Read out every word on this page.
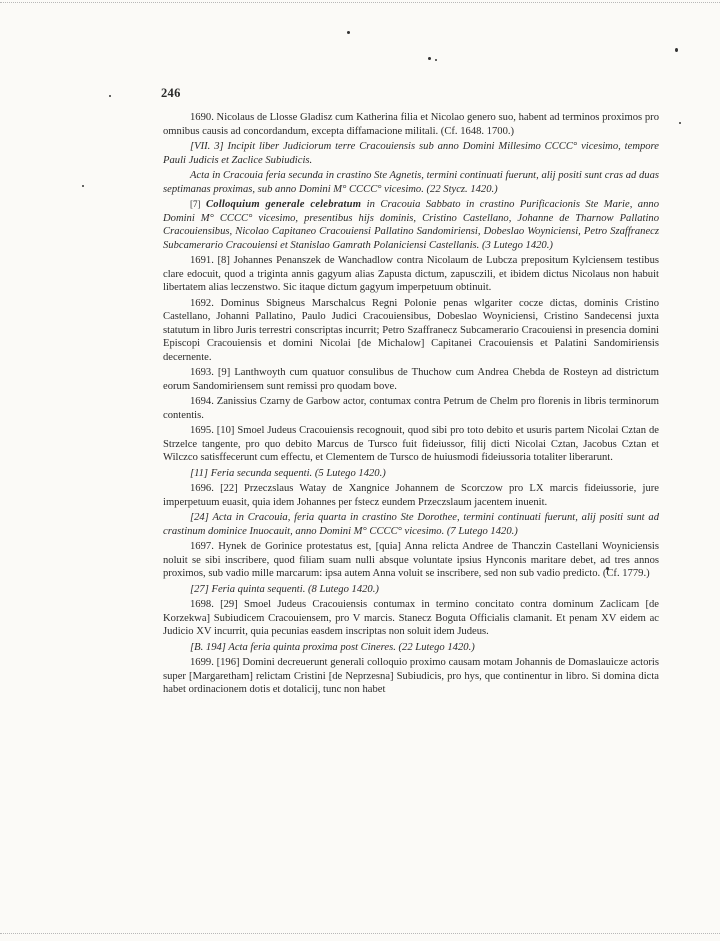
246

1690. Nicolaus de Llosse Gladisz cum Katherina filia et Nicolao genero suo, habent ad terminos proximos pro omnibus causis ad concordandum, excepta diffamacione militali. (Cf. 1648. 1700.)

[VII. 3] Incipit liber Judiciorum terre Cracouiensis sub anno Domini Millesimo CCCC° vicesimo, tempore Pauli Judicis et Zaclice Subiudicis.

Acta in Cracouia feria secunda in crastino Ste Agnetis, termini continuati fuerunt, alij positi sunt cras ad duas septimanas proximas, sub anno Domini M° CCCC° vicesimo. (22 Stycz. 1420.)

[7] Colloquium generale celebratum in Cracouia Sabbato in crastino Purificacionis Ste Marie, anno Domini M° CCCC° vicesimo, presentibus hijs dominis, Cristino Castellano, Johanne de Tharnow Pallatino Cracouiensibus, Nicolao Capitaneo Cracouiensi Pallatino Sandomiriensi, Dobeslao Woyniciensi, Petro Szaffranecz Subcamerario Cracouiensi et Stanislao Gamrath Polaniciensi Castellanis. (3 Lutego 1420.)

1691. [8] Johannes Penanszek de Wanchadlow contra Nicolaum de Lubcza prepositum Kylciensem testibus clare edocuit, quod a triginta annis gagyum alias Zapusta dictum, zapusczili, et ibidem dictus Nicolaus non habuit libertatem alias leczenstwo. Sic itaque dictum gagyum imperpetuum obtinuit.

1692. Dominus Sbigneus Marschalcus Regni Polonie penas wlgariter cocze dictas, dominis Cristino Castellano, Johanni Pallatino, Paulo Judici Cracouiensibus, Dobeslao Woyniciensi, Cristino Sandecensi juxta statutum in libro Juris terrestri conscriptas incurrit; Petro Szaffranecz Subcamerario Cracouiensi in presencia domini Episcopi Cracouiensis et domini Nicolai [de Michalow] Capitanei Cracouiensis et Palatini Sandomiriensis decernente.

1693. [9] Lanthwoyth cum quatuor consulibus de Thuchow cum Andrea Chebda de Rosteyn ad districtum eorum Sandomiriensem sunt remissi pro quodam bove.

1694. Zanissius Czarny de Garbow actor, contumax contra Petrum de Chelm pro florenis in libris terminorum contentis.

1695. [10] Smoel Judeus Cracouiensis recognouit, quod sibi pro toto debito et usuris partem Nicolai Cztan de Strzelce tangente, pro quo debito Marcus de Tursco fuit fideiussor, filij dicti Nicolai Cztan, Jacobus Cztan et Wilczco satisffecerunt cum effectu, et Clementem de Tursco de huiusmodi fideiussoria totaliter liberarunt.

[11] Feria secunda sequenti. (5 Lutego 1420.)

1696. [22] Przeczslaus Watay de Xangnice Johannem de Scorczow pro LX marcis fideiussorie, jure imperpetuum euasit, quia idem Johannes per fstecz eundem Przeczslaum jacentem inuenit.

[24] Acta in Cracouia, feria quarta in crastino Ste Dorothee, termini continuati fuerunt, alij positi sunt ad crastinum dominice Inuocauit, anno Domini M° CCCC° vicesimo. (7 Lutego 1420.)

1697. Hynek de Gorinice protestatus est, [quia] Anna relicta Andree de Thanczin Castellani Woyniciensis noluit se sibi inscribere, quod filiam suam nulli absque voluntate ipsius Hynconis maritare debet, ad tres annos proximos, sub vadio mille marcarum: ipsa autem Anna voluit se inscribere, sed non sub vadio predicto. (Cf. 1779.)

[27] Feria quinta sequenti. (8 Lutego 1420.)

1698. [29] Smoel Judeus Cracouiensis contumax in termino concitato contra dominum Zaclicam [de Korzekwa] Subiudicem Cracouiensem, pro V marcis. Stanecz Boguta Officialis clamanit. Et penam XV eidem ac Judicio XV incurrit, quia pecunias easdem inscriptas non soluit idem Judeus.

[B. 194] Acta feria quinta proxima post Cineres. (22 Lutego 1420.)

1699. [196] Domini decreuerunt generali colloquio proximo causam motam Johannis de Domaslauicze actoris super [Margaretham] relictam Cristini [de Neprzesna] Subiudicis, pro hys, que continentur in libro. Si domina dicta habet ordinacionem dotis et dotalicij, tunc non habet
